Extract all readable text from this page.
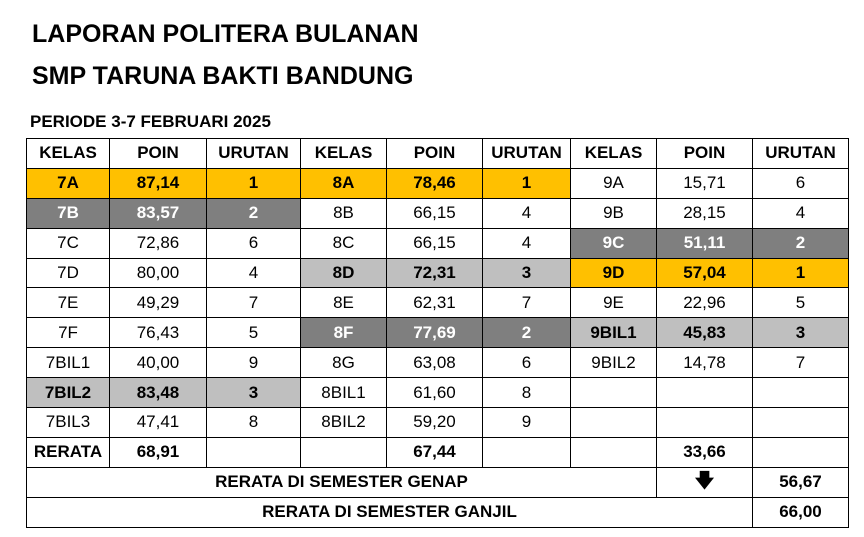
LAPORAN POLITERA BULANAN
SMP TARUNA BAKTI BANDUNG
PERIODE 3-7 FEBRUARI 2025
KELAS	POIN	URUTAN	KELAS	POIN	URUTAN	KELAS	POIN	URUTAN
7A	87,14	1	8A	78,46	1	9A	15,71	6
7B	83,57	2	8B	66,15	4	9B	28,15	4
7C	72,86	6	8C	66,15	4	9C	51,11	2
7D	80,00	4	8D	72,31	3	9D	57,04	1
7E	49,29	7	8E	62,31	7	9E	22,96	5
7F	76,43	5	8F	77,69	2	9BIL1	45,83	3
7BIL1	40,00	9	8G	63,08	6	9BIL2	14,78	7
7BIL2	83,48	3	8BIL1	61,60	8			
7BIL3	47,41	8	8BIL2	59,20	9			
RERATA	68,91			67,44			33,66	
RERATA DI SEMESTER GENAP							🡇	56,67
RERATA DI SEMESTER GANJIL								66,00
